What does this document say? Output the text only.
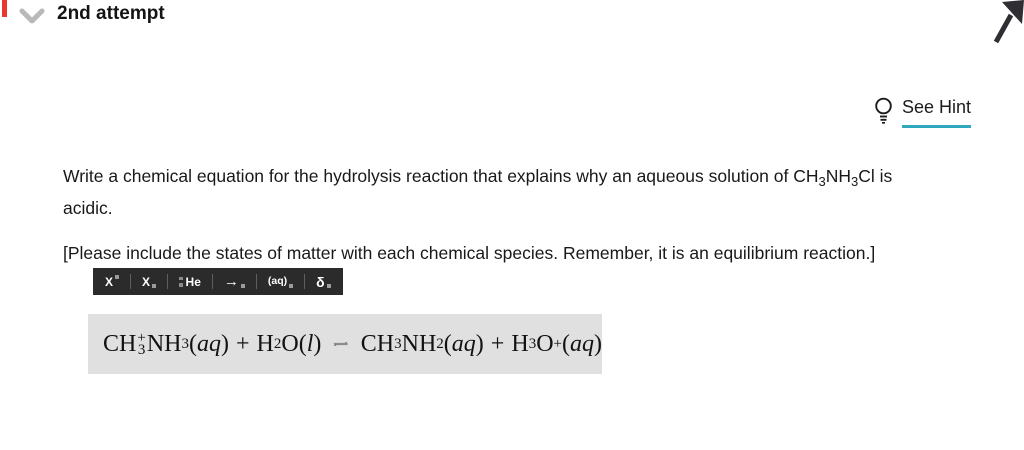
2nd attempt
See Hint
Write a chemical equation for the hydrolysis reaction that explains why an aqueous solution of $CH_3NH_3Cl$ is
acidic.
[Please include the states of matter with each chemical species. Remember, it is an equilibrium reaction.]
X X	He →	(aq) δ
CH +
3 NH 3 ( aq ) + H 2 O ( l ) ⇌ CH 3 NH 2 ( aq ) + H 3 O + ( aq )
